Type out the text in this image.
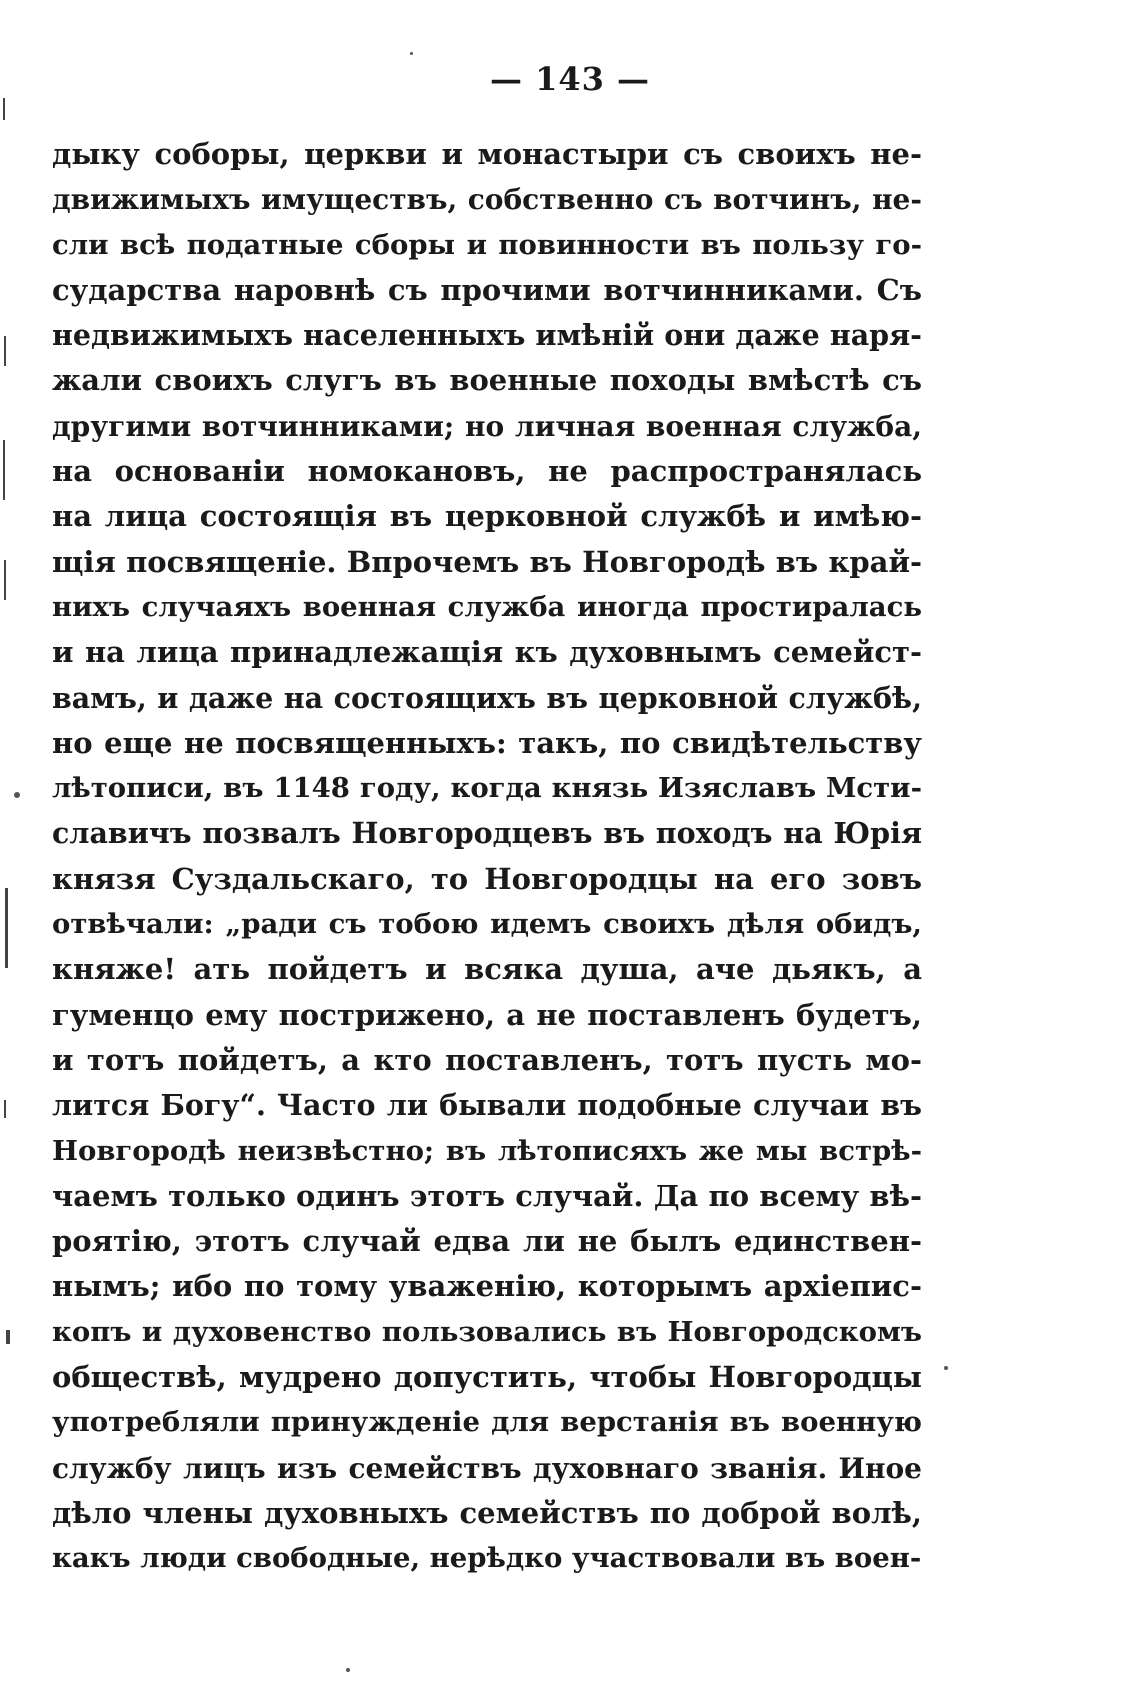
— 143 —
дыку соборы, церкви и монастыри съ своихъ не-
движимыхъ имуществъ, собственно съ вотчинъ, не-
сли всѣ податные сборы и повинности въ пользу го-
сударства наровнѣ съ прочими вотчинниками. Съ
недвижимыхъ населенныхъ имѣній они даже наря-
жали своихъ слугъ въ военные походы вмѣстѣ съ
другими вотчинниками; но личная военная служба,
на основаніи номокановъ, не распространялась
на лица состоящія въ церковной службѣ и имѣю-
щія посвященіе. Впрочемъ въ Новгородѣ въ край-
нихъ случаяхъ военная служба иногда простиралась
и на лица принадлежащія къ духовнымъ семейст-
вамъ, и даже на состоящихъ въ церковной службѣ,
но еще не посвященныхъ: такъ, по свидѣтельству
лѣтописи, въ 1148 году, когда князь Изяславъ Мсти-
славичъ позвалъ Новгородцевъ въ походъ на Юрія
князя Суздальскаго, то Новгородцы на его зовъ
отвѣчали: „ради съ тобою идемъ своихъ дѣля обидъ,
княже! ать пойдетъ и всяка душа, аче дьякъ, а
гуменцо ему пострижено, а не поставленъ будетъ,
и тотъ пойдетъ, а кто поставленъ, тотъ пусть мо-
лится Богу“. Часто ли бывали подобные случаи въ
Новгородѣ неизвѣстно; въ лѣтописяхъ же мы встрѣ-
чаемъ только одинъ этотъ случай. Да по всему вѣ-
роятію, этотъ случай едва ли не былъ единствен-
нымъ; ибо по тому уваженію, которымъ архіепис-
копъ и духовенство пользовались въ Новгородскомъ
обществѣ, мудрено допустить, чтобы Новгородцы
употребляли принужденіе для верстанія въ военную
службу лицъ изъ семействъ духовнаго званія. Иное
дѣло члены духовныхъ семействъ по доброй волѣ,
какъ люди свободные, нерѣдко участвовали въ воен-
